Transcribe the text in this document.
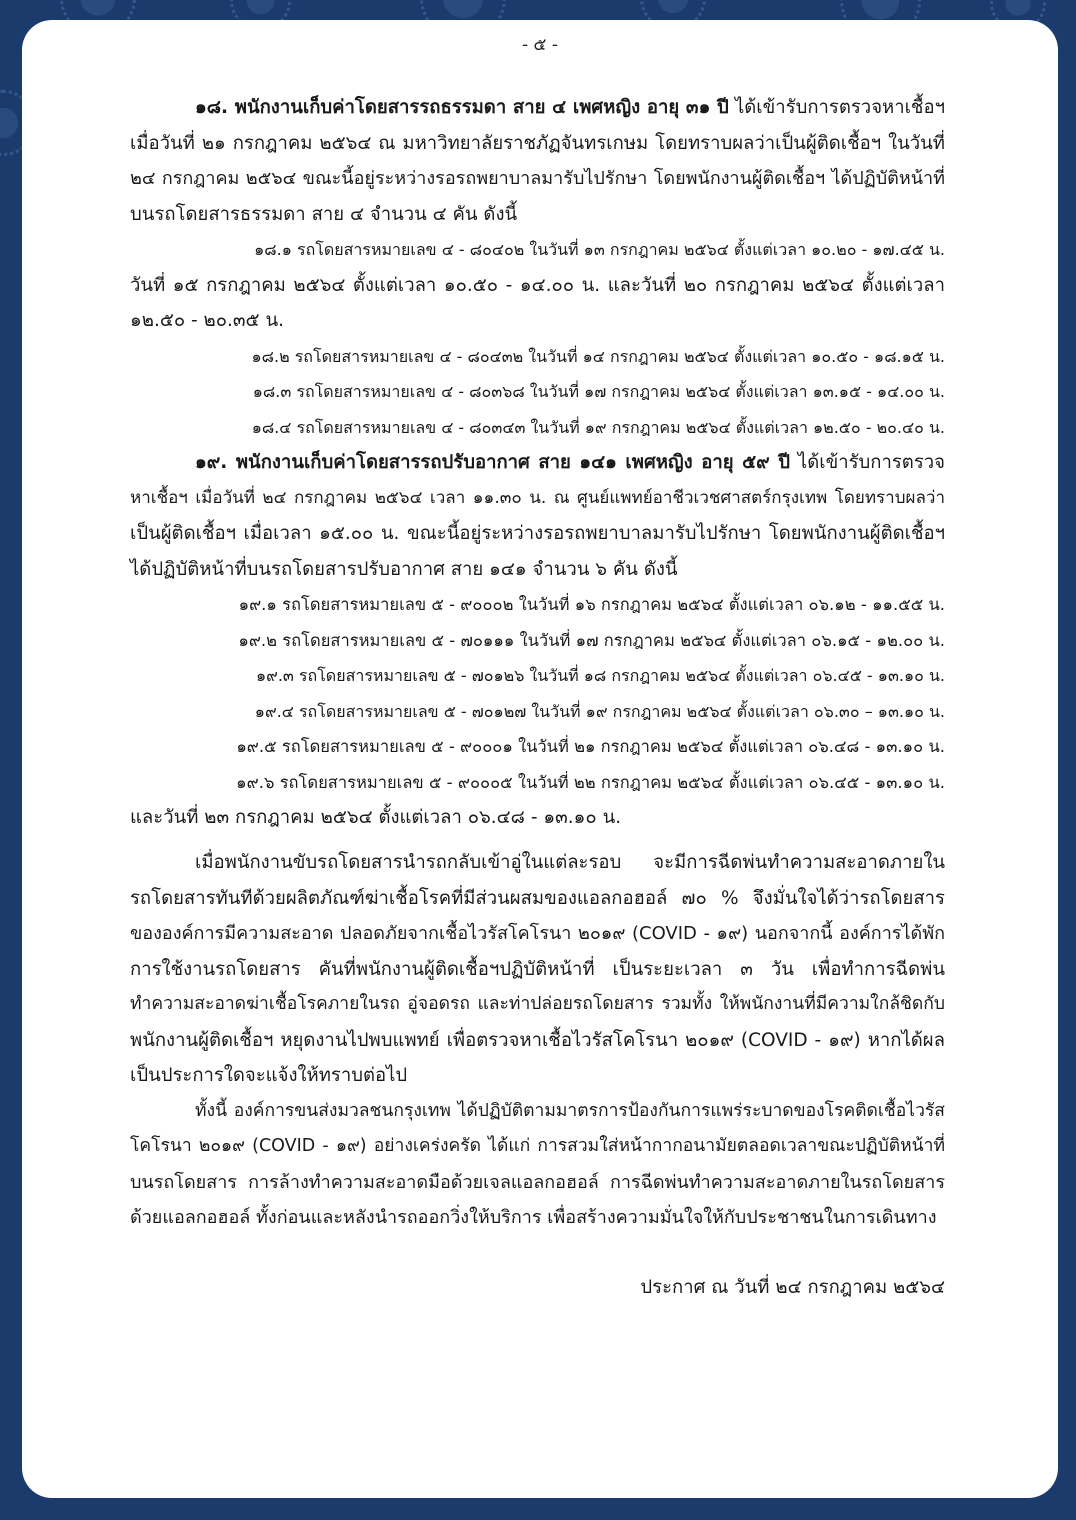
- ๕ -
๑๘. พนักงานเก็บค่าโดยสารรถธรรมดา สาย ๔ เพศหญิง อายุ ๓๑ ปี ได้เข้ารับการตรวจหาเชื้อฯ
เมื่อวันที่ ๒๑ กรกฎาคม ๒๕๖๔ ณ มหาวิทยาลัยราชภัฏจันทรเกษม โดยทราบผลว่าเป็นผู้ติดเชื้อฯ ในวันที่
๒๔ กรกฎาคม ๒๕๖๔ ขณะนี้อยู่ระหว่างรอรถพยาบาลมารับไปรักษา โดยพนักงานผู้ติดเชื้อฯ ได้ปฏิบัติหน้าที่
บนรถโดยสารธรรมดา สาย ๔ จำนวน ๔ คัน ดังนี้
๑๘.๑ รถโดยสารหมายเลข ๔ - ๘๐๔๐๒ ในวันที่ ๑๓ กรกฎาคม ๒๕๖๔ ตั้งแต่เวลา ๑๐.๒๐ - ๑๗.๔๕ น.
วันที่ ๑๕ กรกฎาคม ๒๕๖๔ ตั้งแต่เวลา ๑๐.๕๐ - ๑๔.๐๐ น. และวันที่ ๒๐ กรกฎาคม ๒๕๖๔ ตั้งแต่เวลา
๑๒.๕๐ - ๒๐.๓๕ น.
๑๘.๒ รถโดยสารหมายเลข ๔ - ๘๐๔๓๒ ในวันที่ ๑๔ กรกฎาคม ๒๕๖๔ ตั้งแต่เวลา ๑๐.๕๐ - ๑๘.๑๕ น.
๑๘.๓ รถโดยสารหมายเลข ๔ - ๘๐๓๖๘ ในวันที่ ๑๗ กรกฎาคม ๒๕๖๔ ตั้งแต่เวลา ๑๓.๑๕ - ๑๔.๐๐ น.
๑๘.๔ รถโดยสารหมายเลข ๔ - ๘๐๓๔๓ ในวันที่ ๑๙ กรกฎาคม ๒๕๖๔ ตั้งแต่เวลา ๑๒.๕๐ - ๒๐.๔๐ น.
๑๙. พนักงานเก็บค่าโดยสารรถปรับอากาศ สาย ๑๔๑ เพศหญิง อายุ ๕๙ ปี ได้เข้ารับการตรวจ
หาเชื้อฯ เมื่อวันที่ ๒๔ กรกฎาคม ๒๕๖๔ เวลา ๑๑.๓๐ น. ณ ศูนย์แพทย์อาชีวเวชศาสตร์กรุงเทพ โดยทราบผลว่า
เป็นผู้ติดเชื้อฯ เมื่อเวลา ๑๕.๐๐ น. ขณะนี้อยู่ระหว่างรอรถพยาบาลมารับไปรักษา โดยพนักงานผู้ติดเชื้อฯ
ได้ปฏิบัติหน้าที่บนรถโดยสารปรับอากาศ สาย ๑๔๑ จำนวน ๖ คัน ดังนี้
๑๙.๑ รถโดยสารหมายเลข ๕ - ๙๐๐๐๒ ในวันที่ ๑๖ กรกฎาคม ๒๕๖๔ ตั้งแต่เวลา ๐๖.๑๒ - ๑๑.๕๕ น.
๑๙.๒ รถโดยสารหมายเลข ๕ - ๗๐๑๑๑ ในวันที่ ๑๗ กรกฎาคม ๒๕๖๔ ตั้งแต่เวลา ๐๖.๑๕ - ๑๒.๐๐ น.
๑๙.๓ รถโดยสารหมายเลข ๕ - ๗๐๑๒๖ ในวันที่ ๑๘ กรกฎาคม ๒๕๖๔ ตั้งแต่เวลา ๐๖.๔๕ - ๑๓.๑๐ น.
๑๙.๔ รถโดยสารหมายเลข ๕ - ๗๐๑๒๗ ในวันที่ ๑๙ กรกฎาคม ๒๕๖๔ ตั้งแต่เวลา ๐๖.๓๐ – ๑๓.๑๐ น.
๑๙.๕ รถโดยสารหมายเลข ๕ - ๙๐๐๐๑ ในวันที่ ๒๑ กรกฎาคม ๒๕๖๔ ตั้งแต่เวลา ๐๖.๔๘ - ๑๓.๑๐ น.
๑๙.๖ รถโดยสารหมายเลข ๕ - ๙๐๐๐๕ ในวันที่ ๒๒ กรกฎาคม ๒๕๖๔ ตั้งแต่เวลา ๐๖.๔๕ - ๑๓.๑๐ น.
และวันที่ ๒๓ กรกฎาคม ๒๕๖๔ ตั้งแต่เวลา ๐๖.๔๘ - ๑๓.๑๐ น.
เมื่อพนักงานขับรถโดยสารนำรถกลับเข้าอู่ในแต่ละรอบ จะมีการฉีดพ่นทำความสะอาดภายใน
รถโดยสารทันทีด้วยผลิตภัณฑ์ฆ่าเชื้อโรคที่มีส่วนผสมของแอลกอฮอล์ ๗๐ % จึงมั่นใจได้ว่ารถโดยสาร
ขององค์การมีความสะอาด ปลอดภัยจากเชื้อไวรัสโคโรนา ๒๐๑๙ (COVID - ๑๙) นอกจากนี้ องค์การได้พัก
การใช้งานรถโดยสาร คันที่พนักงานผู้ติดเชื้อฯปฏิบัติหน้าที่ เป็นระยะเวลา ๓ วัน เพื่อทำการฉีดพ่น
ทำความสะอาดฆ่าเชื้อโรคภายในรถ อู่จอดรถ และท่าปล่อยรถโดยสาร รวมทั้ง ให้พนักงานที่มีความใกล้ชิดกับ
พนักงานผู้ติดเชื้อฯ หยุดงานไปพบแพทย์ เพื่อตรวจหาเชื้อไวรัสโคโรนา ๒๐๑๙ (COVID - ๑๙) หากได้ผล
เป็นประการใดจะแจ้งให้ทราบต่อไป
ทั้งนี้ องค์การขนส่งมวลชนกรุงเทพ ได้ปฏิบัติตามมาตรการป้องกันการแพร่ระบาดของโรคติดเชื้อไวรัส
โคโรนา ๒๐๑๙ (COVID - ๑๙) อย่างเคร่งครัด ได้แก่ การสวมใส่หน้ากากอนามัยตลอดเวลาขณะปฏิบัติหน้าที่
บนรถโดยสาร การล้างทำความสะอาดมือด้วยเจลแอลกอฮอล์ การฉีดพ่นทำความสะอาดภายในรถโดยสาร
ด้วยแอลกอฮอล์ ทั้งก่อนและหลังนำรถออกวิ่งให้บริการ เพื่อสร้างความมั่นใจให้กับประชาชนในการเดินทาง
ประกาศ ณ วันที่ ๒๔ กรกฎาคม ๒๕๖๔
